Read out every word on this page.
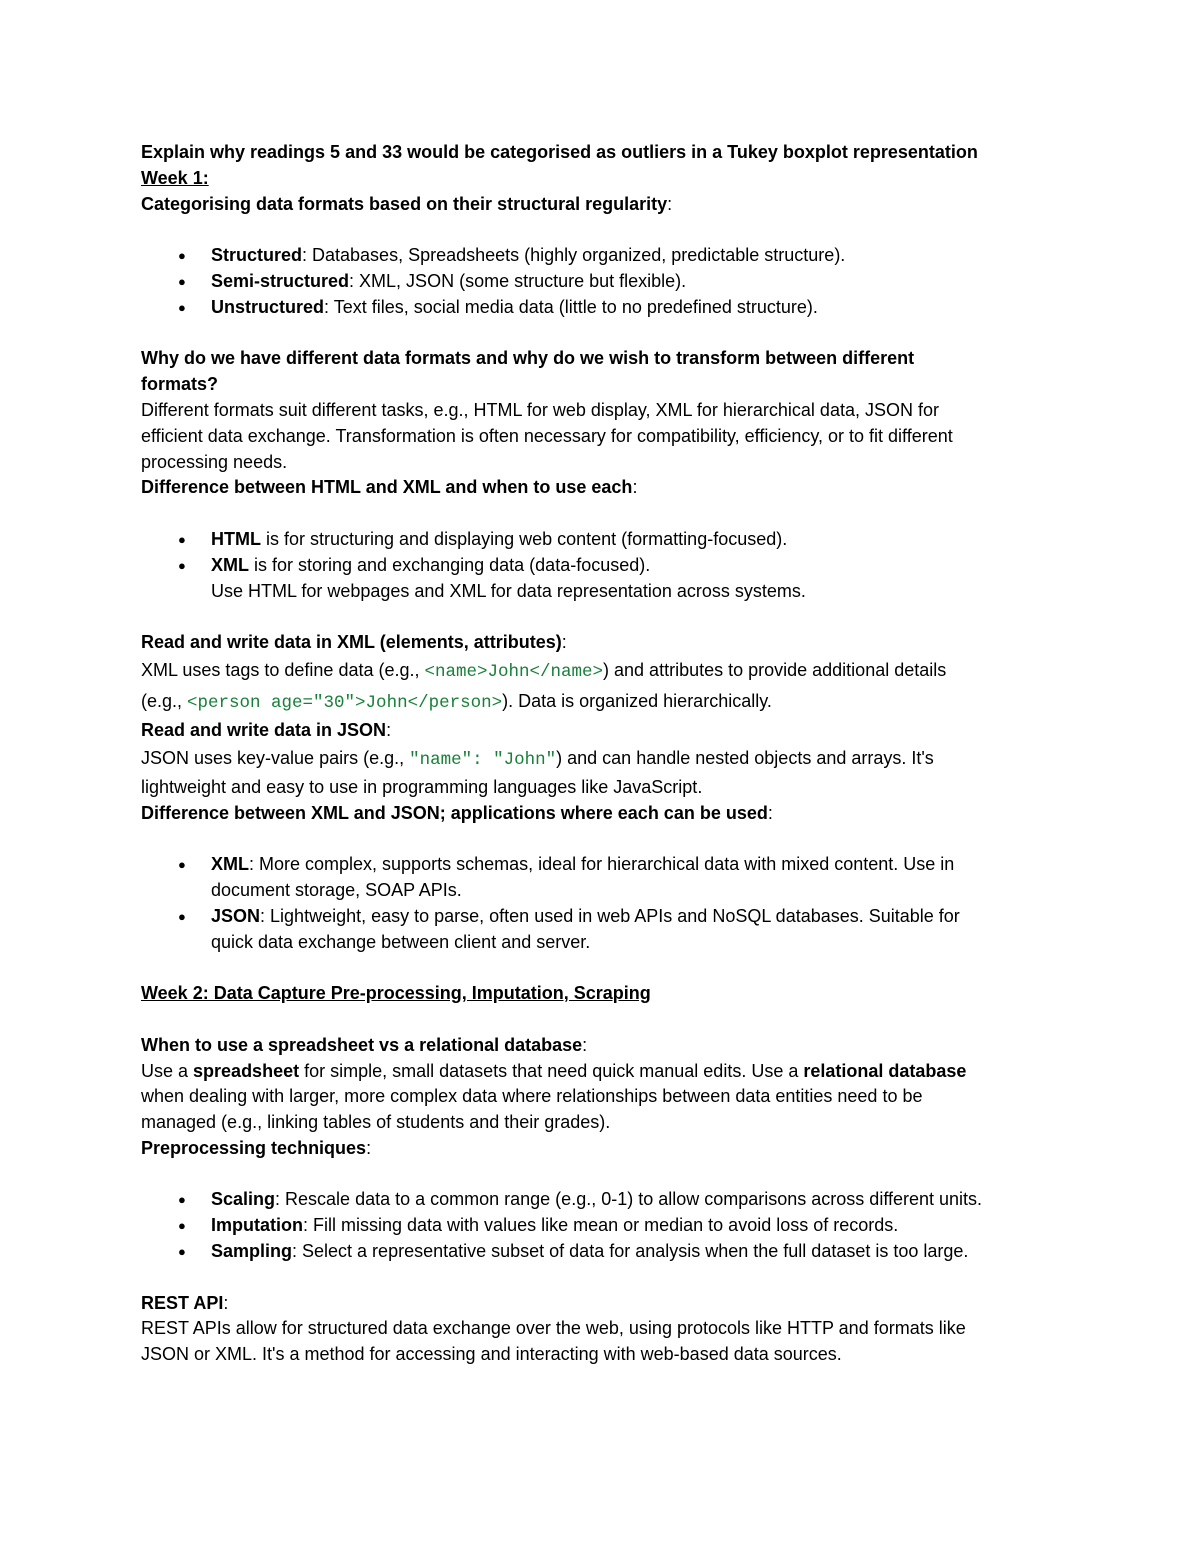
Explain why readings 5 and 33 would be categorised as outliers in a Tukey boxplot representation
Week 1:
Categorising data formats based on their structural regularity:
● Structured: Databases, Spreadsheets (highly organized, predictable structure).
● Semi-structured: XML, JSON (some structure but flexible).
● Unstructured: Text files, social media data (little to no predefined structure).
Why do we have different data formats and why do we wish to transform between different
formats?
Different formats suit different tasks, e.g., HTML for web display, XML for hierarchical data, JSON for
efficient data exchange. Transformation is often necessary for compatibility, efficiency, or to fit different
processing needs.
Difference between HTML and XML and when to use each:
● HTML is for structuring and displaying web content (formatting-focused).
● XML is for storing and exchanging data (data-focused).
Use HTML for webpages and XML for data representation across systems.
Read and write data in XML (elements, attributes):
XML uses tags to define data (e.g., <name>John</name>) and attributes to provide additional details
(e.g., <person age="30">John</person>). Data is organized hierarchically.
Read and write data in JSON:
JSON uses key-value pairs (e.g., "name": "John") and can handle nested objects and arrays. It's
lightweight and easy to use in programming languages like JavaScript.
Difference between XML and JSON; applications where each can be used:
● XML: More complex, supports schemas, ideal for hierarchical data with mixed content. Use in
document storage, SOAP APIs.
● JSON: Lightweight, easy to parse, often used in web APIs and NoSQL databases. Suitable for
quick data exchange between client and server.
Week 2: Data Capture Pre-processing, Imputation, Scraping
When to use a spreadsheet vs a relational database:
Use a spreadsheet for simple, small datasets that need quick manual edits. Use a relational database
when dealing with larger, more complex data where relationships between data entities need to be
managed (e.g., linking tables of students and their grades).
Preprocessing techniques:
● Scaling: Rescale data to a common range (e.g., 0-1) to allow comparisons across different units.
● Imputation: Fill missing data with values like mean or median to avoid loss of records.
● Sampling: Select a representative subset of data for analysis when the full dataset is too large.
REST API:
REST APIs allow for structured data exchange over the web, using protocols like HTTP and formats like
JSON or XML. It's a method for accessing and interacting with web-based data sources.
